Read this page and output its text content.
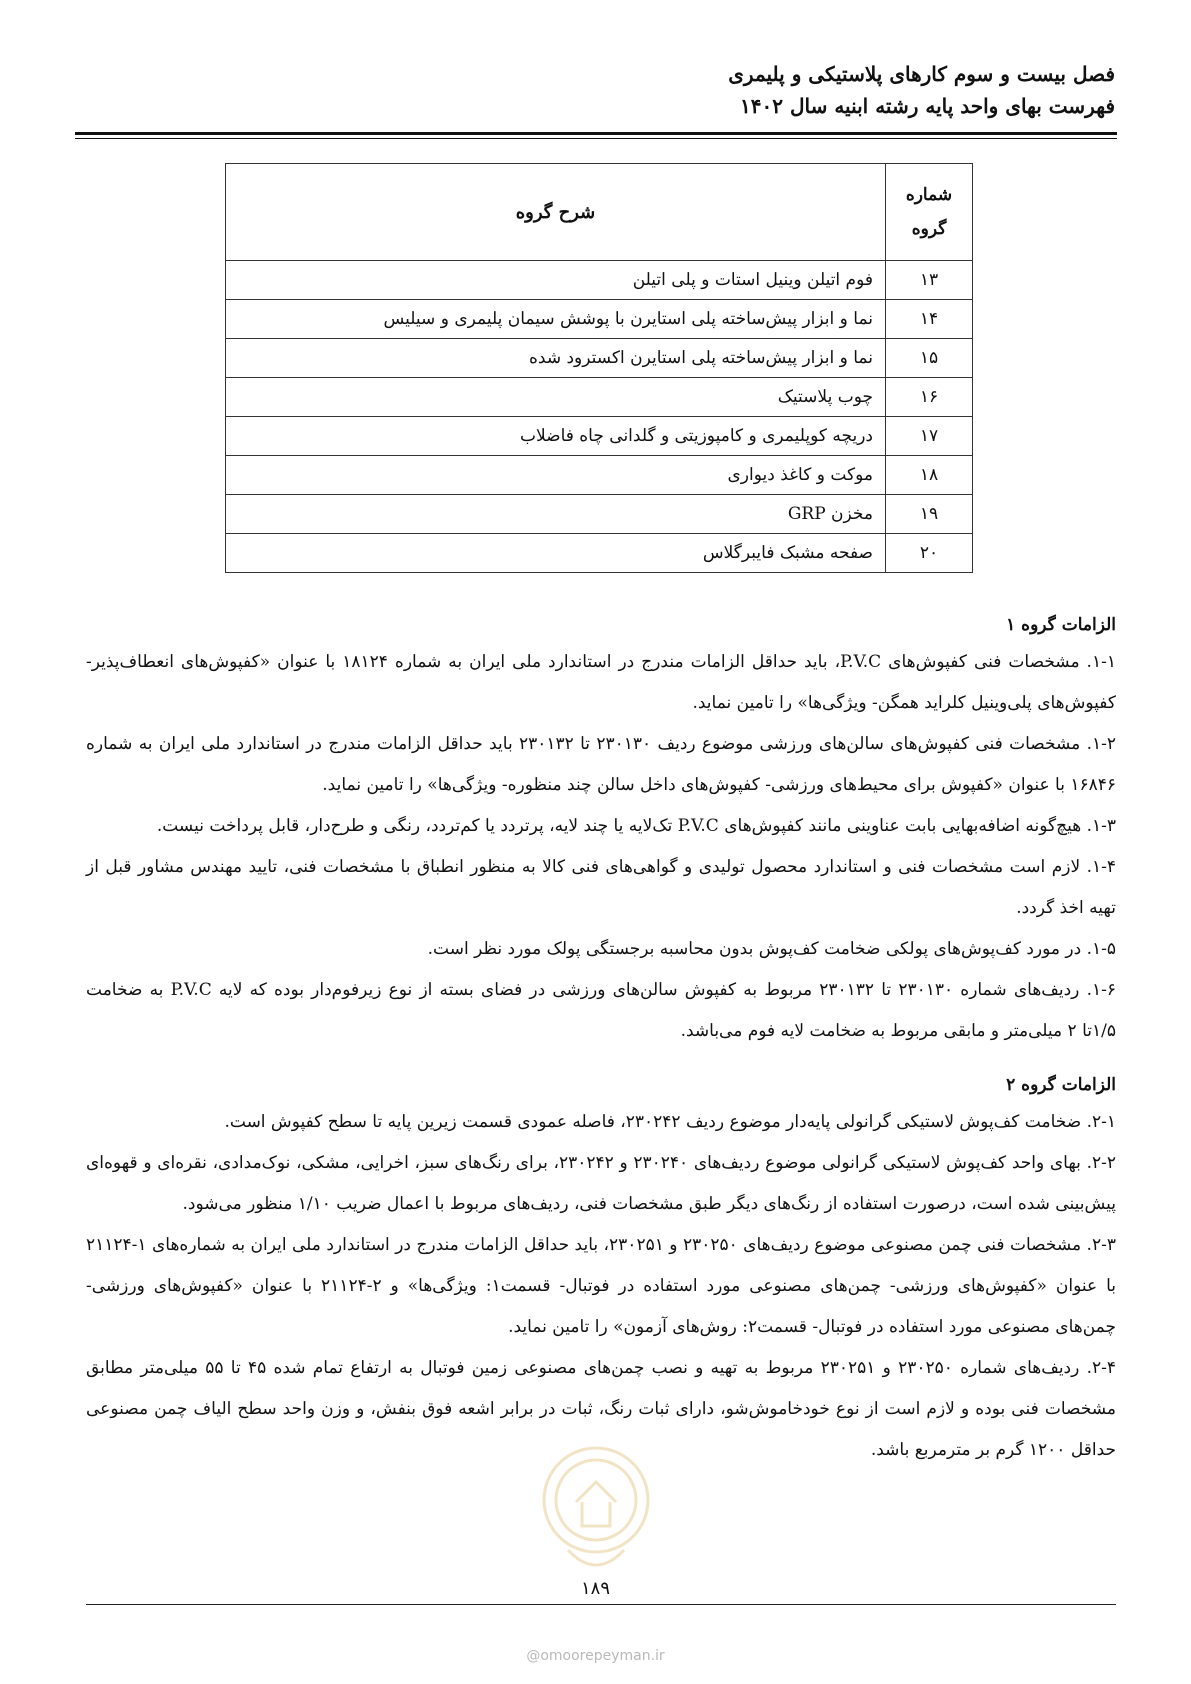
فصل بیست و سوم کارهای پلاستیکی و پلیمری
فهرست بهای واحد پایه رشته ابنیه سال ۱۴۰۲
شماره
گروه	شرح گروه
۱۳	فوم اتیلن وینیل استات و پلی اتیلن
۱۴	نما و ابزار پیش‌ساخته پلی استایرن با پوشش سیمان پلیمری و سیلیس
۱۵	نما و ابزار پیش‌ساخته پلی استایرن اکسترود شده
۱۶	چوب پلاستیک
۱۷	دریچه کوپلیمری و کامپوزیتی و گلدانی چاه فاضلاب
۱۸	موکت و کاغذ دیواری
۱۹	مخزن GRP
۲۰	صفحه مشبک فایبرگلاس

الزامات گروه ۱

۱-۱. مشخصات فنی کفپوش‌های P.V.C، باید حداقل الزامات مندرج در استاندارد ملی ایران به شماره ۱۸۱۲۴ با عنوان «کفپوش‌های انعطاف‌پذیر- کفپوش‌های پلی‌وینیل کلراید همگن- ویژگی‌ها» را تامین نماید.

۱-۲. مشخصات فنی کفپوش‌های سالن‌های ورزشی موضوع ردیف ۲۳۰۱۳۰ تا ۲۳۰۱۳۲ باید حداقل الزامات مندرج در استاندارد ملی ایران به شماره ۱۶۸۴۶ با عنوان «کفپوش برای محیط‌های ورزشی- کفپوش‌های داخل سالن چند منظوره- ویژگی‌ها» را تامین نماید.

۱-۳. هیچ‌گونه اضافه‌بهایی بابت عناوینی مانند کفپوش‌های P.V.C تک‌لایه یا چند لایه، پرتردد یا کم‌تردد، رنگی و طرح‌دار، قابل پرداخت نیست.

۱-۴. لازم است مشخصات فنی و استاندارد محصول تولیدی و گواهی‌های فنی کالا به منظور انطباق با مشخصات فنی، تایید مهندس مشاور قبل از تهیه اخذ گردد.

۱-۵. در مورد کف‌پوش‌های پولکی ضخامت کف‌پوش بدون محاسبه برجستگی پولک مورد نظر است.

۱-۶. ردیف‌های شماره ۲۳۰۱۳۰ تا ۲۳۰۱۳۲ مربوط به کفپوش سالن‌های ورزشی در فضای بسته از نوع زیرفوم‌دار بوده که لایه P.V.C به ضخامت ۱/۵تا ۲ میلی‌متر و مابقی مربوط به ضخامت لایه فوم می‌باشد.

الزامات گروه ۲

۲-۱. ضخامت کف‌پوش لاستیکی گرانولی پایه‌دار موضوع ردیف ۲۳۰۲۴۲، فاصله عمودی قسمت زیرین پایه تا سطح کفپوش است.

۲-۲. بهای واحد کف‌پوش لاستیکی گرانولی موضوع ردیف‌های ۲۳۰۲۴۰ و ۲۳۰۲۴۲، برای رنگ‌های سبز، اخرایی، مشکی، نوک‌مدادی، نقره‌ای و قهوه‌ای پیش‌بینی شده است، درصورت استفاده از رنگ‌های دیگر طبق مشخصات فنی، ردیف‌های مربوط با اعمال ضریب ۱/۱۰ منظور می‌شود.

۲-۳. مشخصات فنی چمن مصنوعی موضوع ردیف‌های ۲۳۰۲۵۰ و ۲۳۰۲۵۱، باید حداقل الزامات مندرج در استاندارد ملی ایران به شماره‌های ۱-۲۱۱۲۴ با عنوان «کفپوش‌های ورزشی- چمن‌های مصنوعی مورد استفاده در فوتبال- قسمت۱: ویژگی‌ها» و ۲-۲۱۱۲۴ با عنوان «کفپوش‌های ورزشی- چمن‌های مصنوعی مورد استفاده در فوتبال- قسمت۲: روش‌های آزمون» را تامین نماید.

۲-۴. ردیف‌های شماره ۲۳۰۲۵۰ و ۲۳۰۲۵۱ مربوط به تهیه و نصب چمن‌های مصنوعی زمین فوتبال به ارتفاع تمام شده ۴۵ تا ۵۵ میلی‌متر مطابق مشخصات فنی بوده و لازم است از نوع خودخاموش‌شو، دارای ثبات رنگ، ثبات در برابر اشعه فوق بنفش، و وزن واحد سطح الیاف چمن مصنوعی حداقل ۱۲۰۰ گرم بر مترمربع باشد.

۱۸۹
@omoorepeyman.ir
